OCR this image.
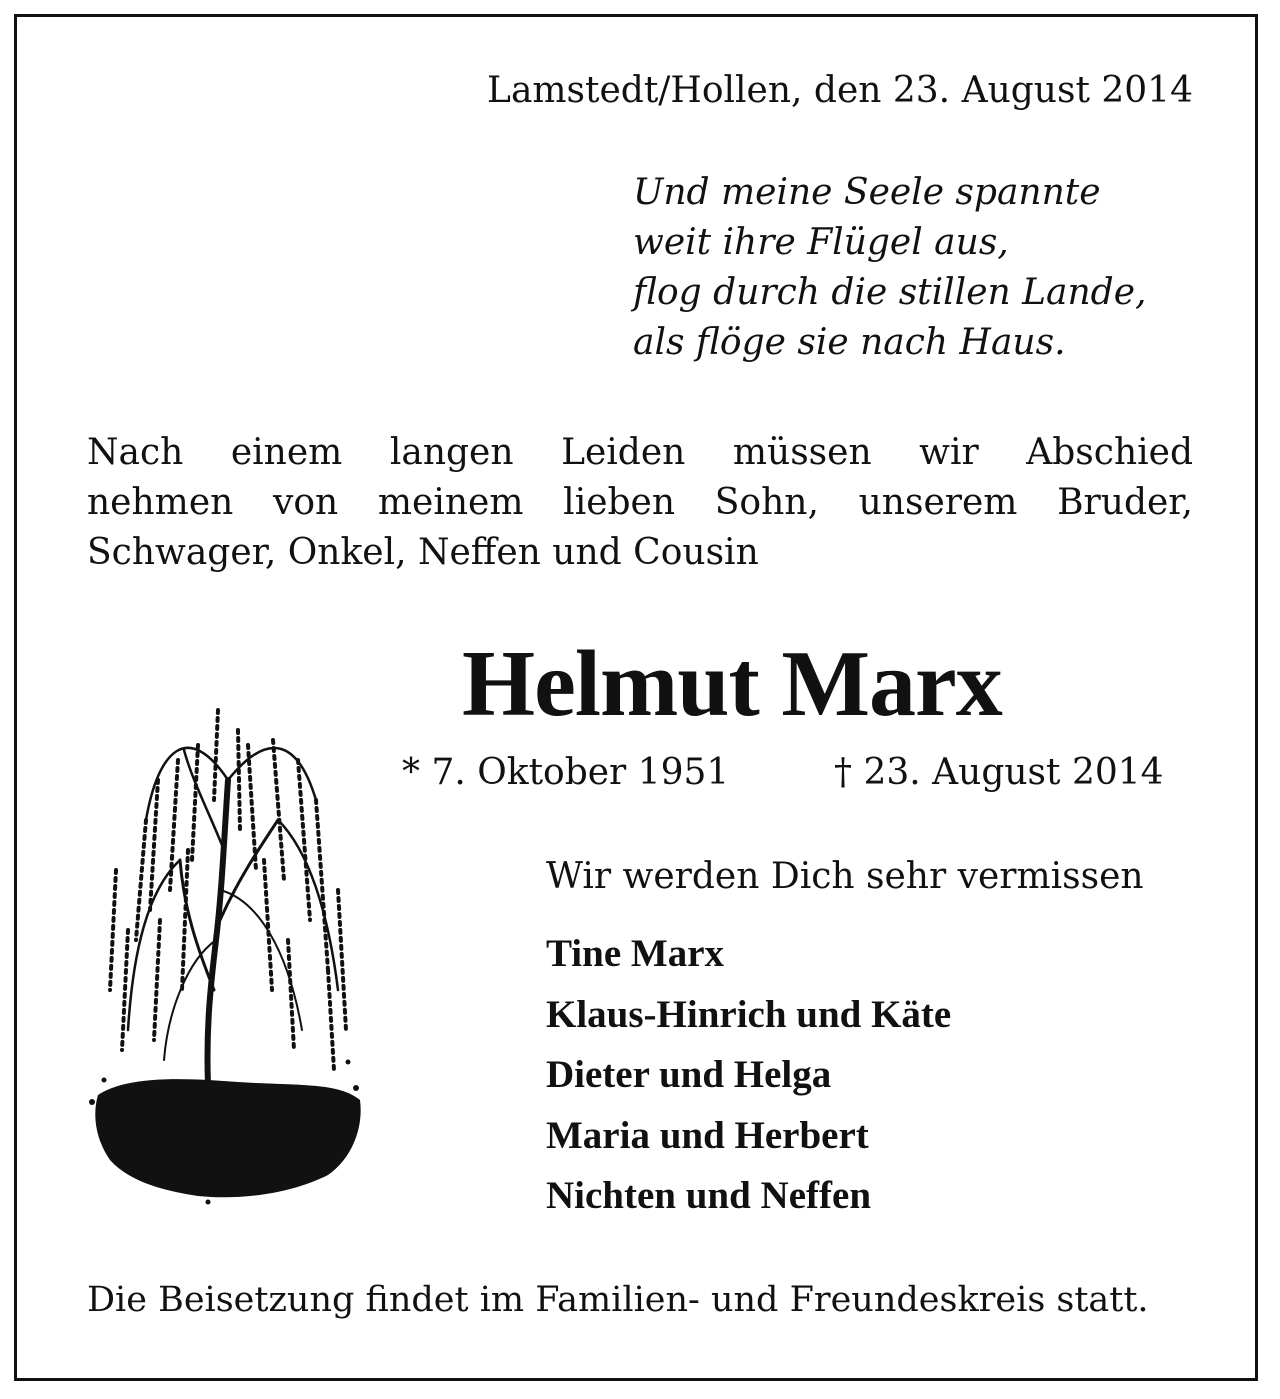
Lamstedt/Hollen, den 23. August 2014
Und meine Seele spannte
weit ihre Flügel aus,
flog durch die stillen Lande,
als flöge sie nach Haus.
Nach einem langen Leiden müssen wir Abschied
nehmen von meinem lieben Sohn, unserem Bruder,
Schwager, Onkel, Neffen und Cousin
Helmut Marx
* 7. Oktober 1951	† 23. August 2014
Wir werden Dich sehr vermissen
Tine Marx
Klaus-Hinrich und Käte
Dieter und Helga
Maria und Herbert
Nichten und Neffen
Die Beisetzung findet im Familien- und Freundeskreis statt.
